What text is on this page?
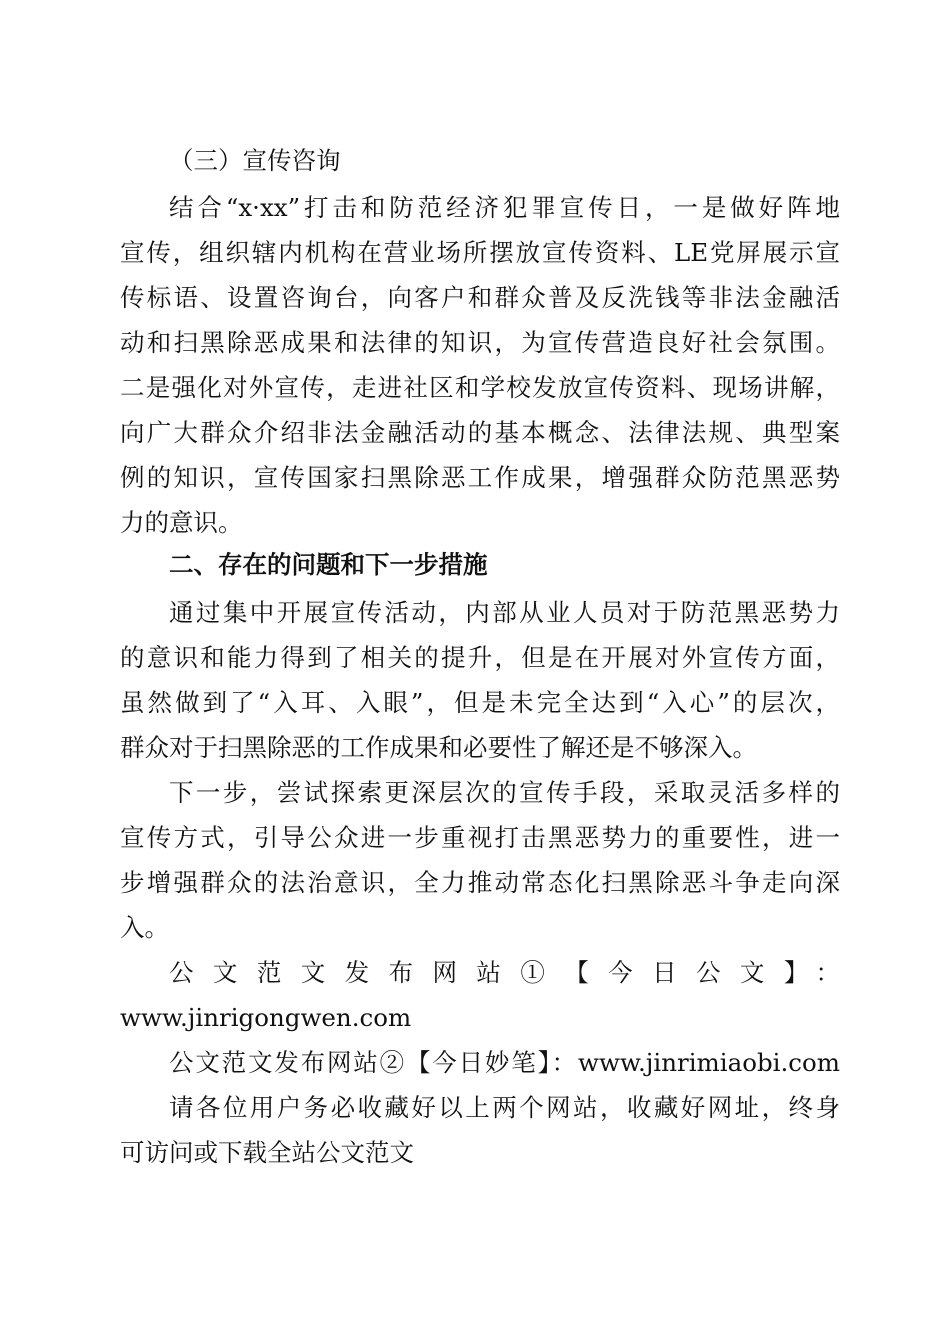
（三）宣传咨询
结合“x·xx”打击和防范经济犯罪宣传日，一是做好阵地
宣传，组织辖内机构在营业场所摆放宣传资料、LE党屏展示宣
传标语、设置咨询台，向客户和群众普及反洗钱等非法金融活
动和扫黑除恶成果和法律的知识，为宣传营造良好社会氛围。
二是强化对外宣传，走进社区和学校发放宣传资料、现场讲解，
向广大群众介绍非法金融活动的基本概念、法律法规、典型案
例的知识，宣传国家扫黑除恶工作成果，增强群众防范黑恶势
力的意识。
二、存在的问题和下一步措施
通过集中开展宣传活动，内部从业人员对于防范黑恶势力
的意识和能力得到了相关的提升，但是在开展对外宣传方面，
虽然做到了“入耳、入眼”，但是未完全达到“入心”的层次，
群众对于扫黑除恶的工作成果和必要性了解还是不够深入。
下一步，尝试探索更深层次的宣传手段，采取灵活多样的
宣传方式，引导公众进一步重视打击黑恶势力的重要性，进一
步增强群众的法治意识，全力推动常态化扫黑除恶斗争走向深
入。
公文范文发布网站①【今日公文】：
www.jinrigongwen.com
公文范文发布网站②【今日妙笔】：www.jinrimiaobi.com
请各位用户务必收藏好以上两个网站，收藏好网址，终身
可访问或下载全站公文范文
